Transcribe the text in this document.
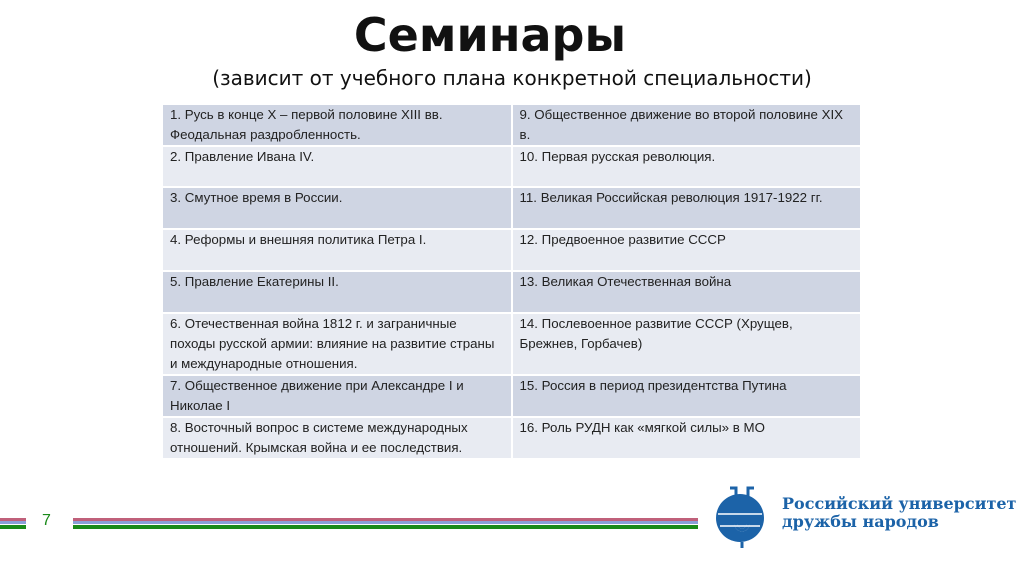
Семинары
(зависит от учебного плана конкретной специальности)
1. Русь в конце X – первой половине XIII вв. Феодальная раздробленность.	9. Общественное движение во второй половине XIX в.
2. Правление Ивана IV.	10. Первая русская революция.
3. Смутное время в России.	11. Великая Российская революция 1917-1922 гг.
4. Реформы и внешняя политика Петра I.	12. Предвоенное развитие СССР
5. Правление Екатерины II.	13. Великая Отечественная война
6. Отечественная война 1812 г. и заграничные походы русской армии: влияние на развитие страны и международные отношения.	14. Послевоенное развитие СССР (Хрущев, Брежнев, Горбачев)
7. Общественное движение при Александре I и Николае I	15. Россия в период президентства Путина
8. Восточный вопрос в системе международных отношений. Крымская война и ее последствия.	16. Роль РУДН как «мягкой силы» в МО
7
Российский университет
дружбы народов
